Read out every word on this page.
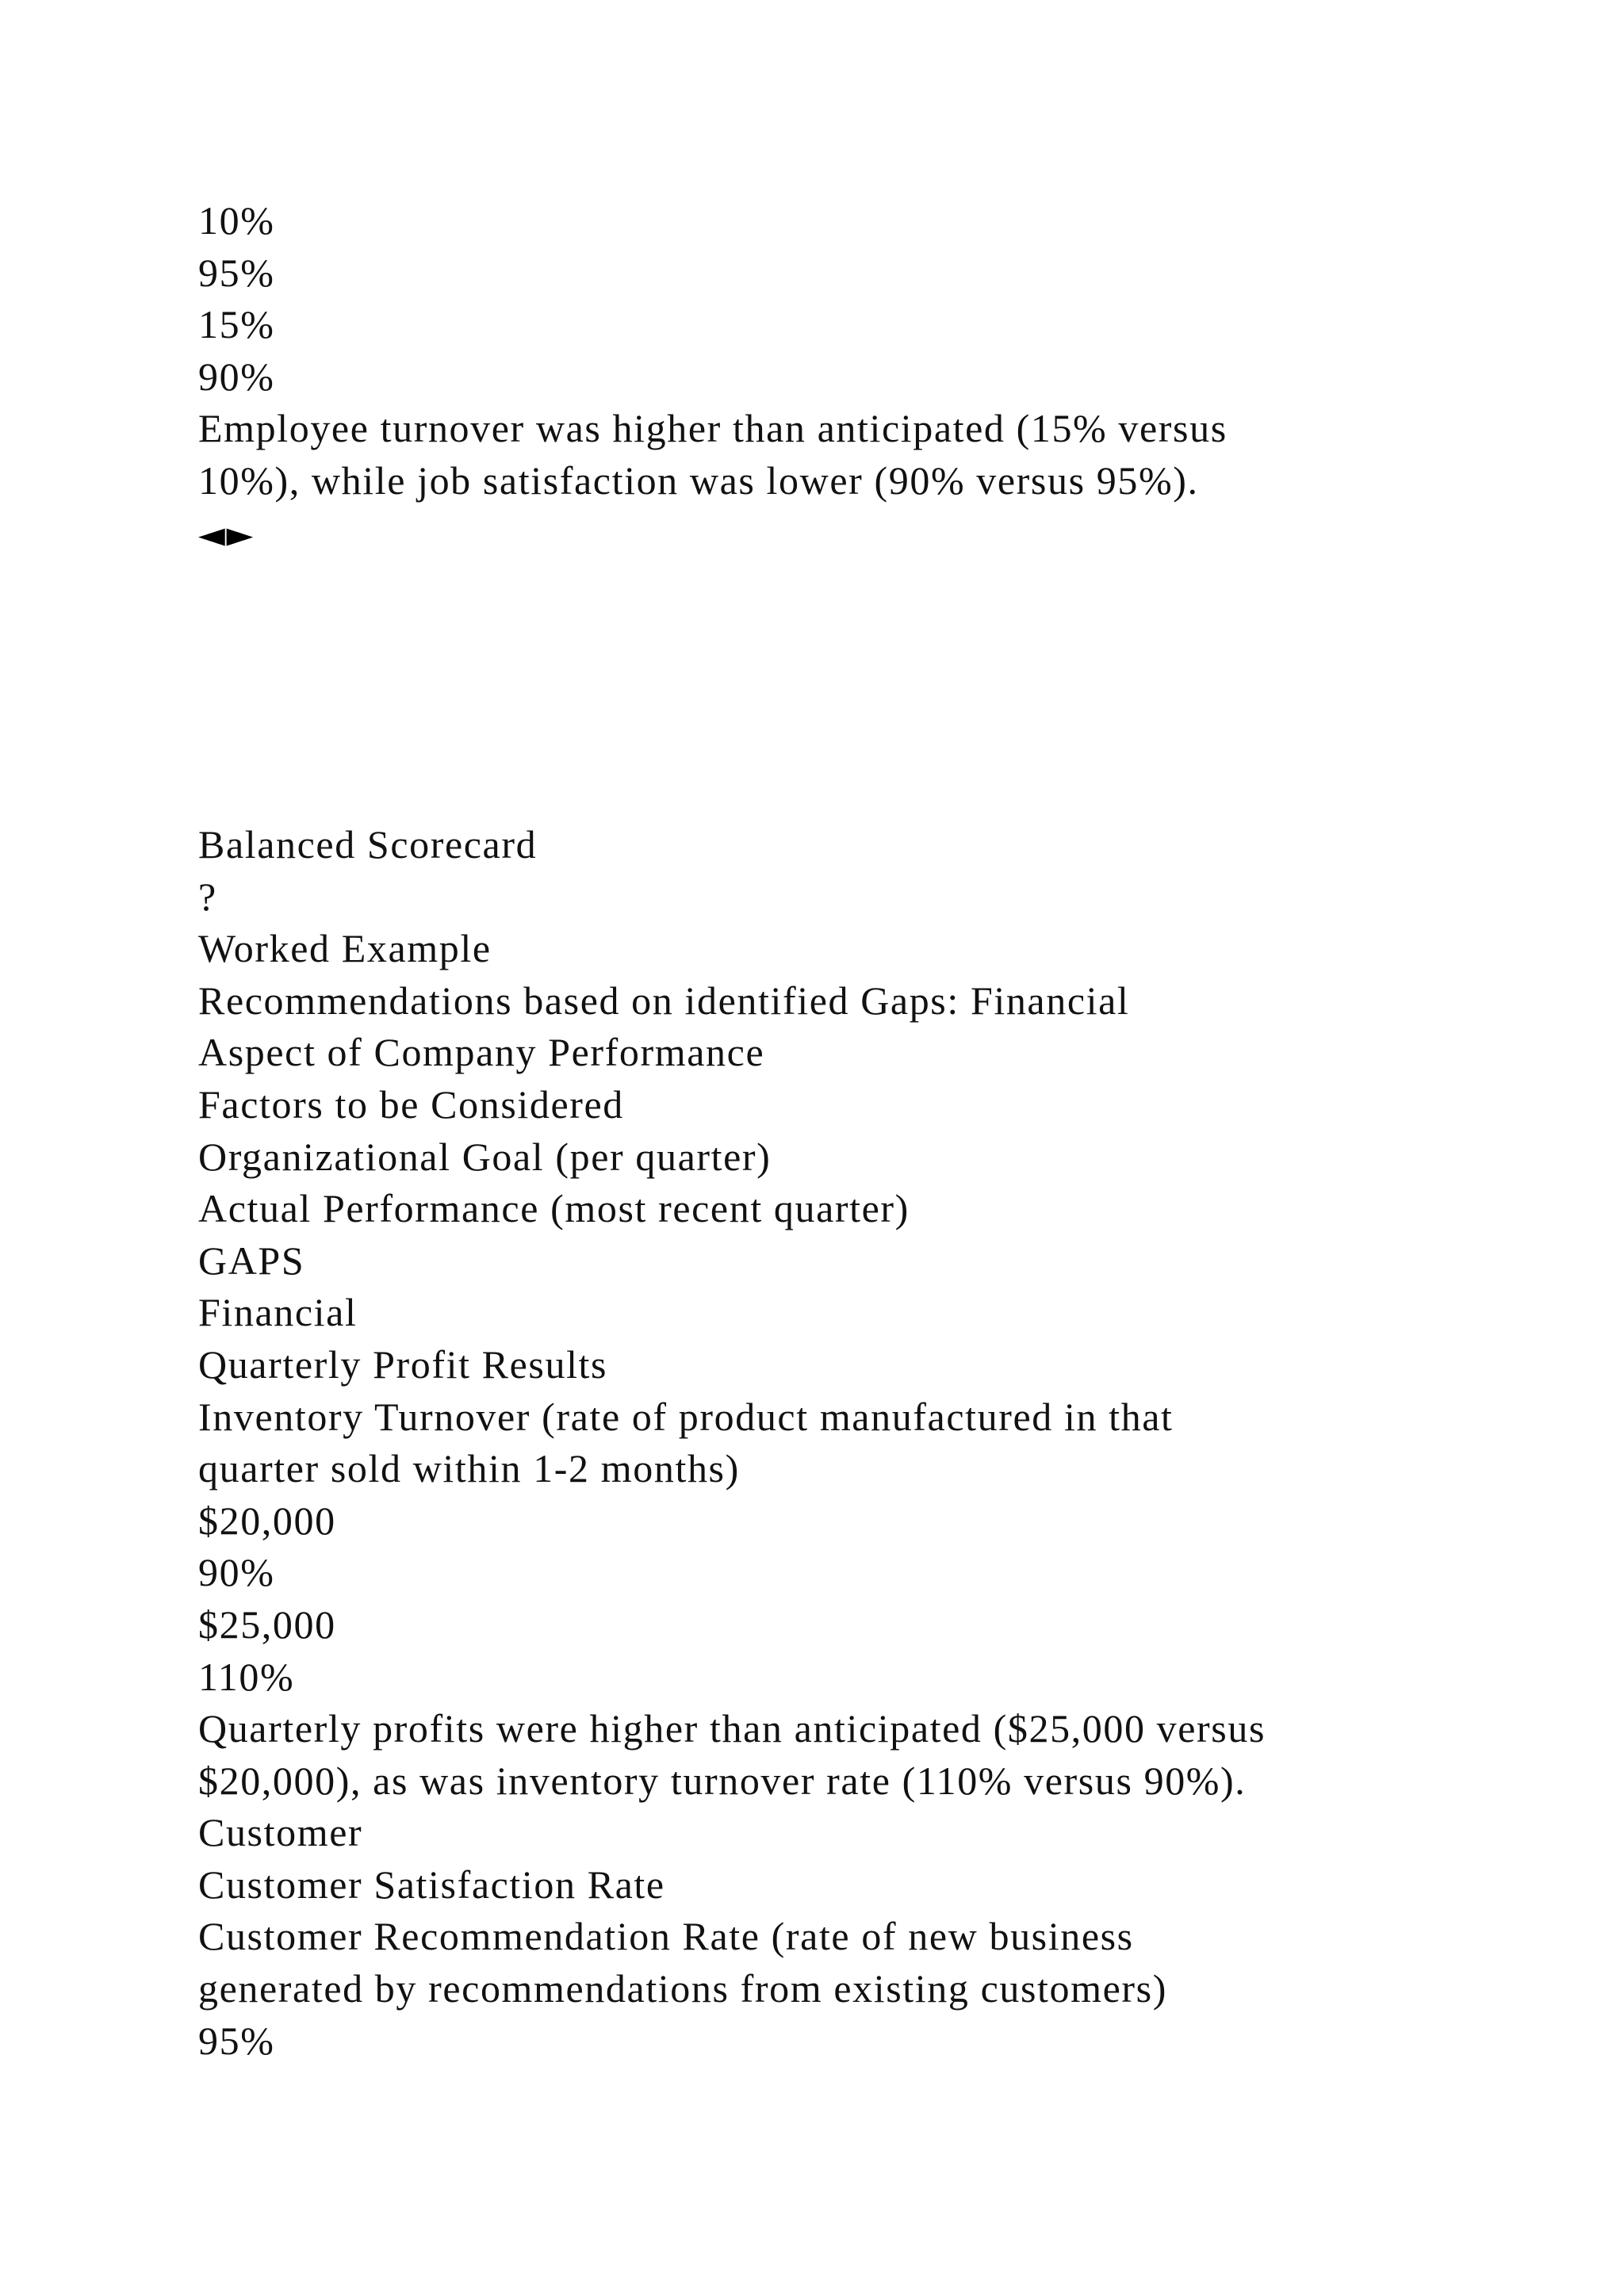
10%
95%
15%
90%
Employee turnover was higher than anticipated (15% versus
10%), while job satisfaction was lower (90% versus 95%).
◄►
Balanced Scorecard
?
Worked Example
Recommendations based on identified Gaps: Financial
Aspect of Company Performance
Factors to be Considered
Organizational Goal (per quarter)
Actual Performance (most recent quarter)
GAPS
Financial
Quarterly Profit Results
Inventory Turnover (rate of product manufactured in that
quarter sold within 1-2 months)
$20,000
90%
$25,000
110%
Quarterly profits were higher than anticipated ($25,000 versus
$20,000), as was inventory turnover rate (110% versus 90%).
Customer
Customer Satisfaction Rate
Customer Recommendation Rate (rate of new business
generated by recommendations from existing customers)
95%
